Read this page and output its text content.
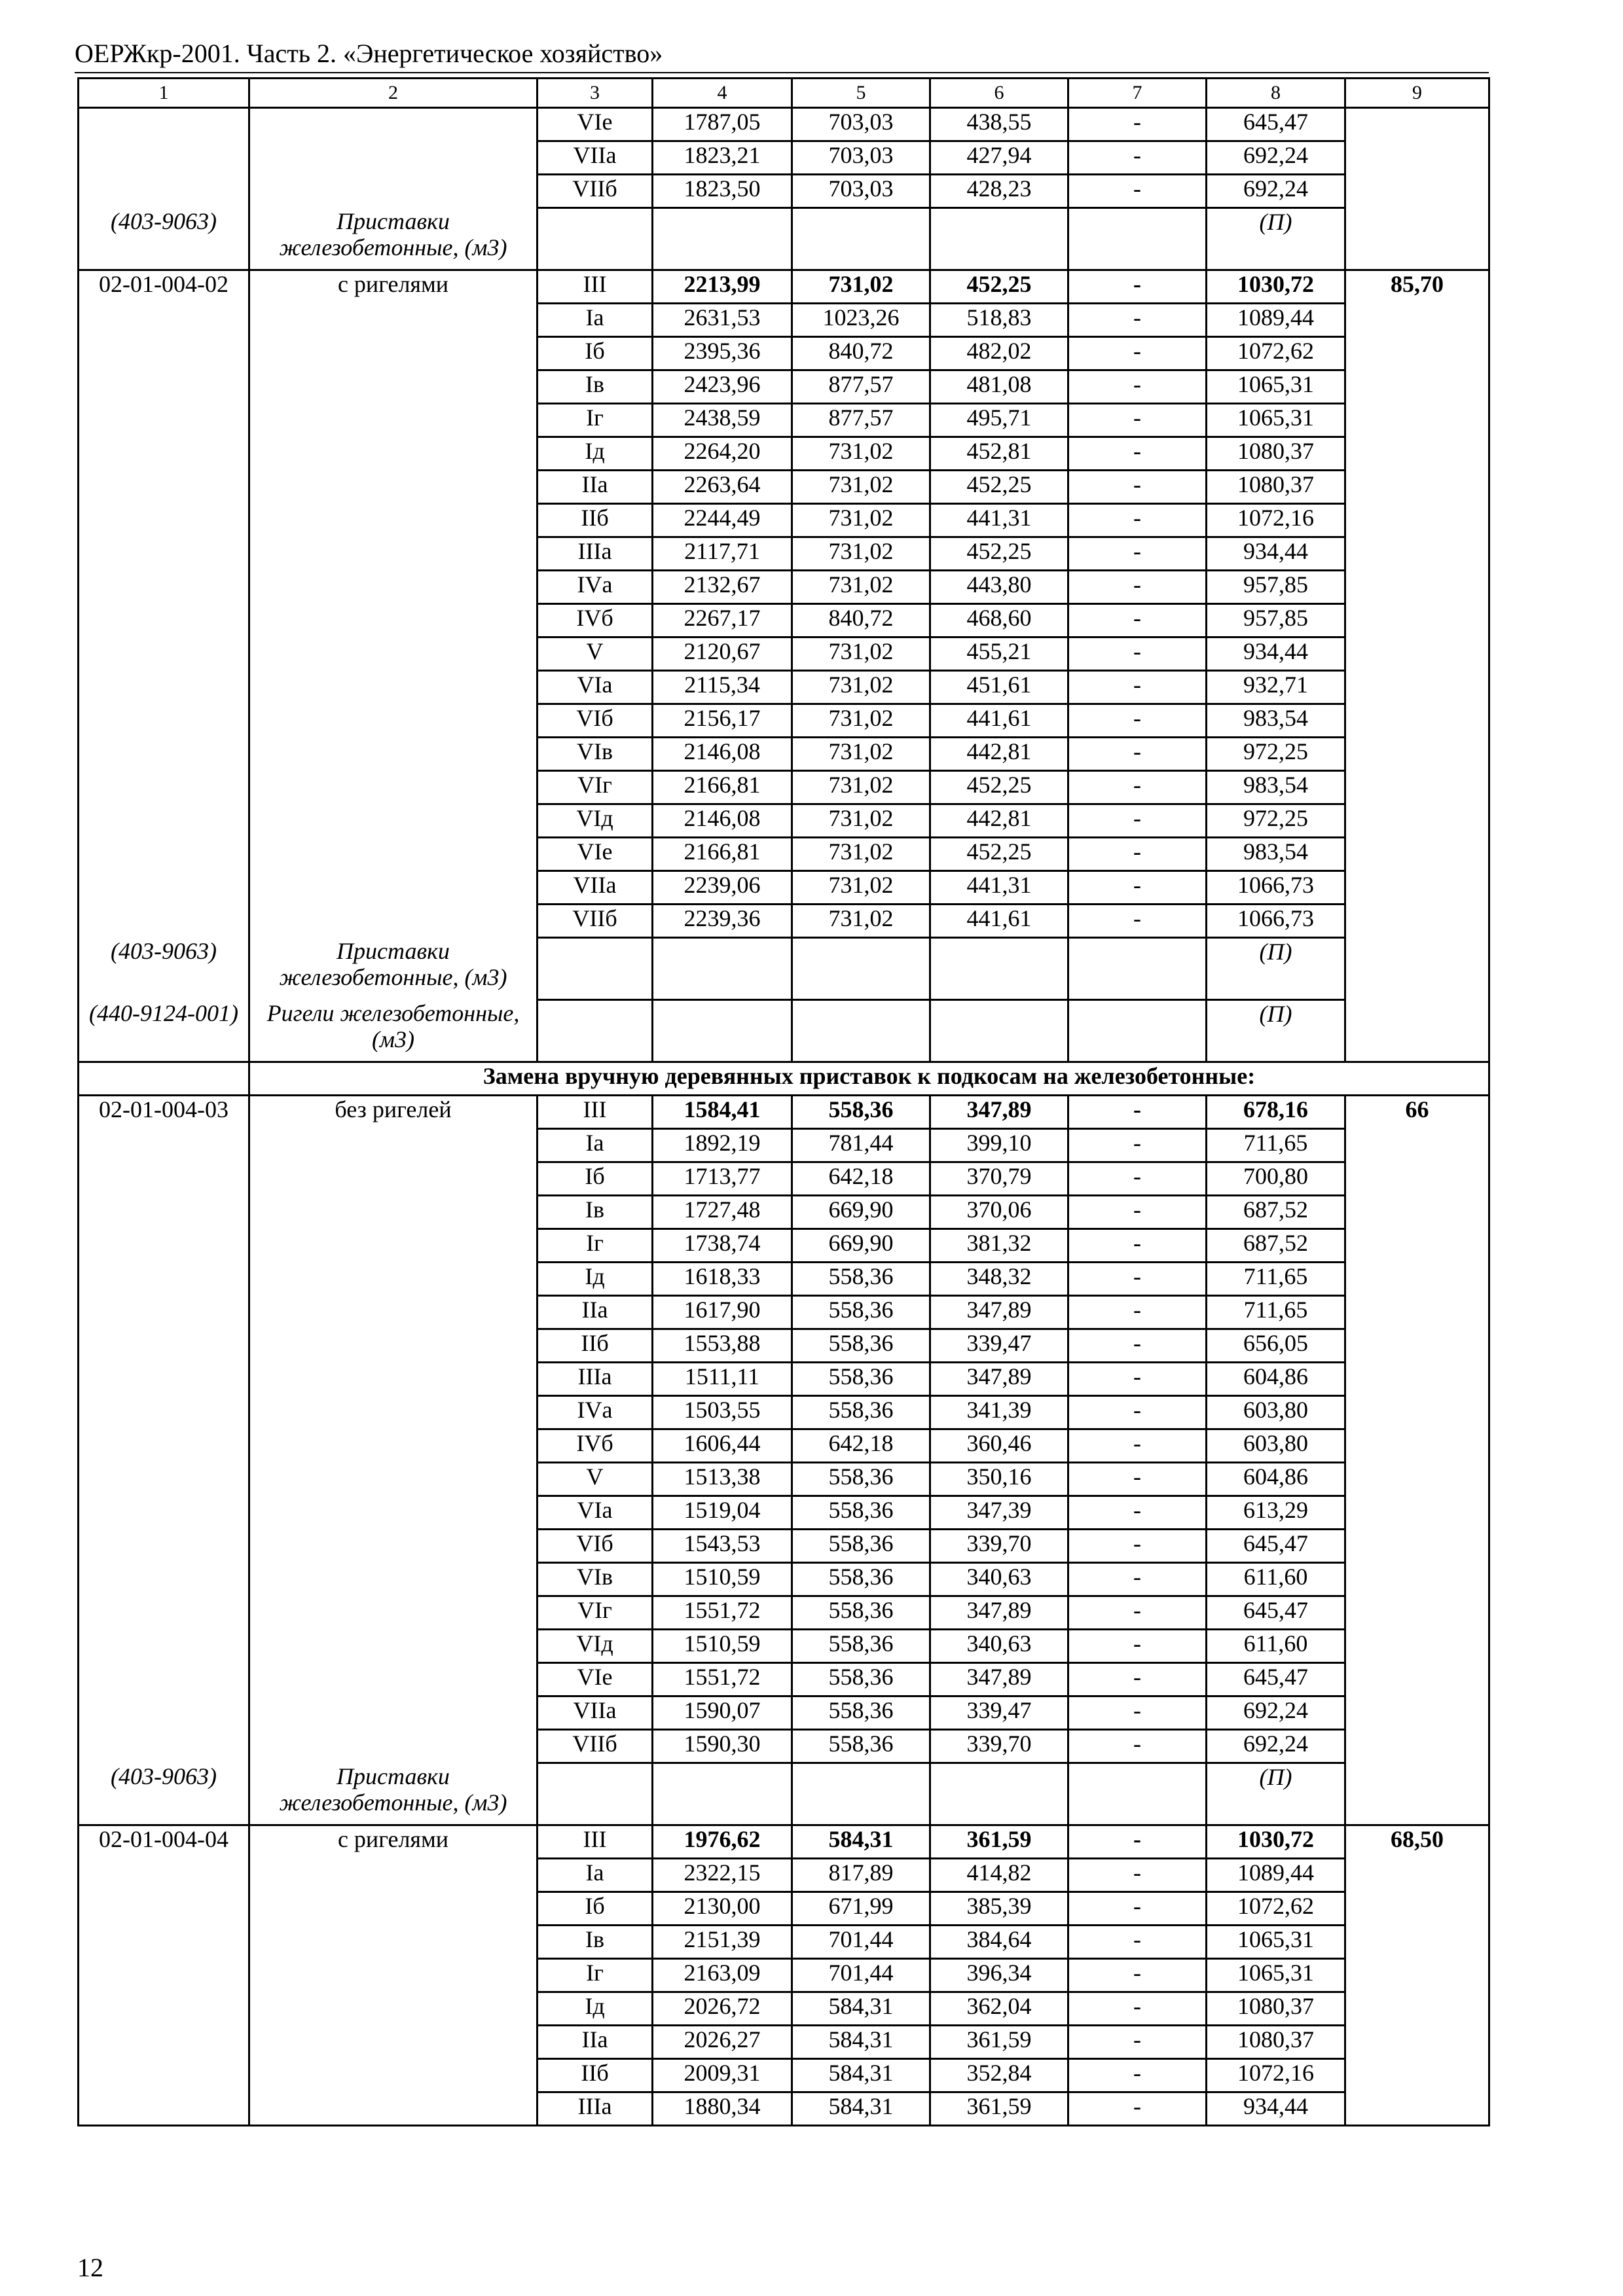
ОЕРЖкр-2001. Часть 2. «Энергетическое хозяйство»
1	2	3	4	5	6	7	8	9
		VIе	1787,05	703,03	438,55	-	645,47	
		VIIа	1823,21	703,03	427,94	-	692,24	
		VIIб	1823,50	703,03	428,23	-	692,24	
(403-9063)	Приставки железобетонные, (м3)						(П)	
02-01-004-02	с ригелями	III	2213,99	731,02	452,25	-	1030,72	85,70
		Iа	2631,53	1023,26	518,83	-	1089,44	
		Iб	2395,36	840,72	482,02	-	1072,62	
		Iв	2423,96	877,57	481,08	-	1065,31	
		Iг	2438,59	877,57	495,71	-	1065,31	
		Iд	2264,20	731,02	452,81	-	1080,37	
		IIа	2263,64	731,02	452,25	-	1080,37	
		IIб	2244,49	731,02	441,31	-	1072,16	
		IIIа	2117,71	731,02	452,25	-	934,44	
		IVа	2132,67	731,02	443,80	-	957,85	
		IVб	2267,17	840,72	468,60	-	957,85	
		V	2120,67	731,02	455,21	-	934,44	
		VIа	2115,34	731,02	451,61	-	932,71	
		VIб	2156,17	731,02	441,61	-	983,54	
		VIв	2146,08	731,02	442,81	-	972,25	
		VIг	2166,81	731,02	452,25	-	983,54	
		VIд	2146,08	731,02	442,81	-	972,25	
		VIе	2166,81	731,02	452,25	-	983,54	
		VIIа	2239,06	731,02	441,31	-	1066,73	
		VIIб	2239,36	731,02	441,61	-	1066,73	
(403-9063)	Приставки железобетонные, (м3)						(П)	
(440-9124-001)	Ригели железобетонные, (м3)						(П)	
	Замена вручную деревянных приставок к подкосам на железобетонные:							
02-01-004-03	без ригелей	III	1584,41	558,36	347,89	-	678,16	66
		Iа	1892,19	781,44	399,10	-	711,65	
		Iб	1713,77	642,18	370,79	-	700,80	
		Iв	1727,48	669,90	370,06	-	687,52	
		Iг	1738,74	669,90	381,32	-	687,52	
		Iд	1618,33	558,36	348,32	-	711,65	
		IIа	1617,90	558,36	347,89	-	711,65	
		IIб	1553,88	558,36	339,47	-	656,05	
		IIIа	1511,11	558,36	347,89	-	604,86	
		IVа	1503,55	558,36	341,39	-	603,80	
		IVб	1606,44	642,18	360,46	-	603,80	
		V	1513,38	558,36	350,16	-	604,86	
		VIа	1519,04	558,36	347,39	-	613,29	
		VIб	1543,53	558,36	339,70	-	645,47	
		VIв	1510,59	558,36	340,63	-	611,60	
		VIг	1551,72	558,36	347,89	-	645,47	
		VIд	1510,59	558,36	340,63	-	611,60	
		VIе	1551,72	558,36	347,89	-	645,47	
		VIIа	1590,07	558,36	339,47	-	692,24	
		VIIб	1590,30	558,36	339,70	-	692,24	
(403-9063)	Приставки железобетонные, (м3)						(П)	
02-01-004-04	с ригелями	III	1976,62	584,31	361,59	-	1030,72	68,50
		Iа	2322,15	817,89	414,82	-	1089,44	
		Iб	2130,00	671,99	385,39	-	1072,62	
		Iв	2151,39	701,44	384,64	-	1065,31	
		Iг	2163,09	701,44	396,34	-	1065,31	
		Iд	2026,72	584,31	362,04	-	1080,37	
		IIа	2026,27	584,31	361,59	-	1080,37	
		IIб	2009,31	584,31	352,84	-	1072,16	
		IIIа	1880,34	584,31	361,59	-	934,44	
12
